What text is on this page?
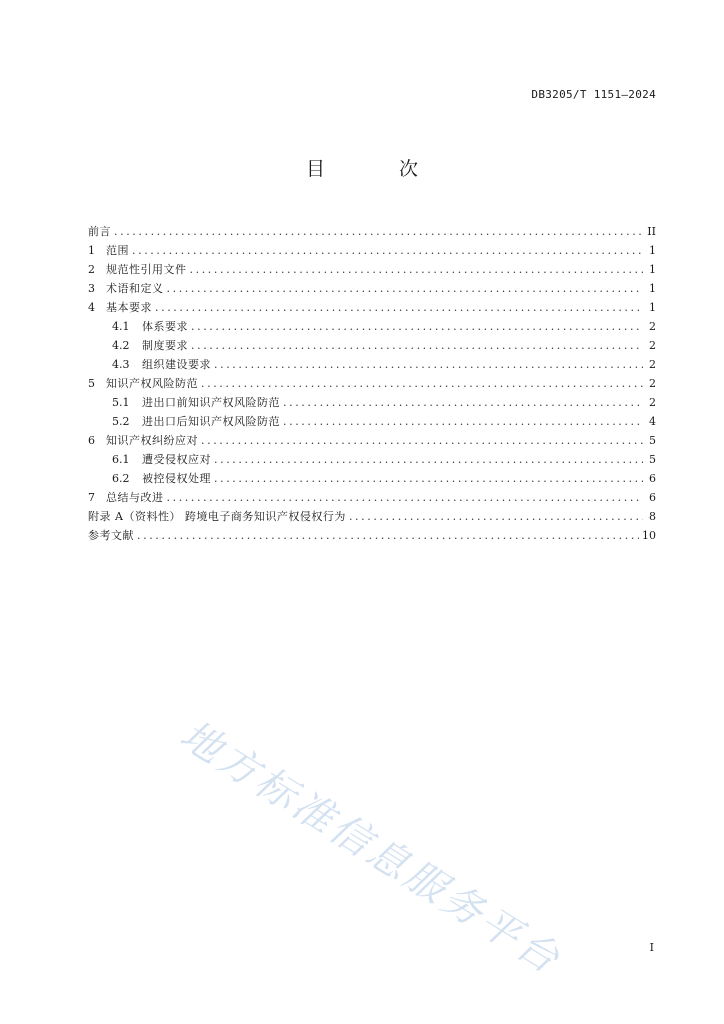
DB3205/T 1151—2024
目 次
前言 .....	II
1	范围 .....	1
2	规范性引用文件 .....	1
3	术语和定义 .....	1
4	基本要求 .....	1
4.1	体系要求 .....	2
4.2	制度要求 .....	2
4.3	组织建设要求 .....	2
5	知识产权风险防范 .....	2
5.1	进出口前知识产权风险防范 .....	2
5.2	进出口后知识产权风险防范 .....	4
6	知识产权纠纷应对 .....	5
6.1	遭受侵权应对 .....	5
6.2	被控侵权处理 .....	6
7	总结与改进 .....	6
附录 A（资料性） 跨境电子商务知识产权侵权行为 .....	8
参考文献 .....	10
地方标准信息服务平台	I
